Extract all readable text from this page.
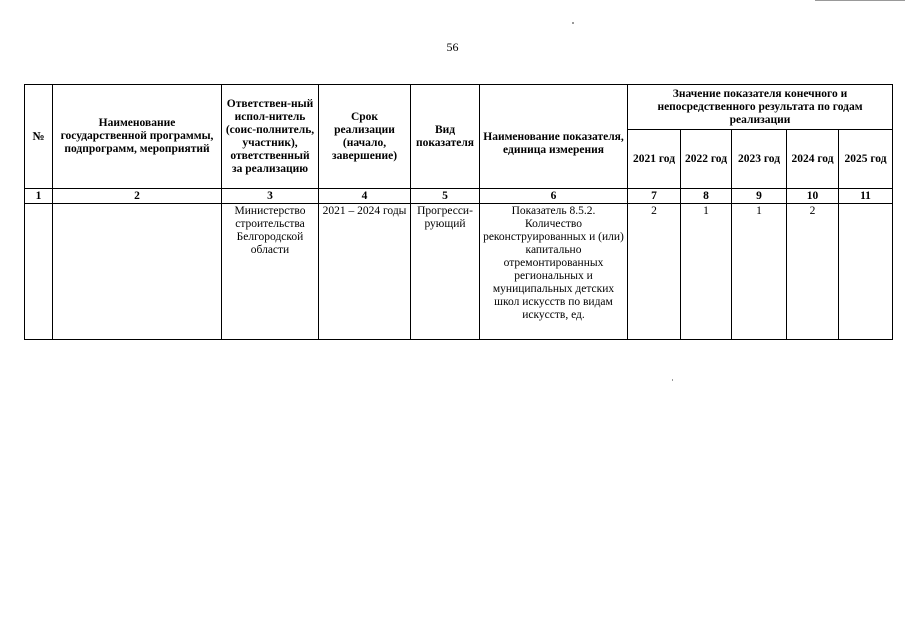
56
№	Наименование государственной программы, подпрограмм, мероприятий	Ответствен-ный испол-нитель (соис-полнитель, участник), ответственный за реализацию	Срок реализации (начало, завершение)	Вид показателя	Наименование показателя, единица измерения	Значение показателя конечного и непосредственного результата по годам реализации				
						2021 год	2022 год	2023 год	2024 год	2025 год
1	2	3	4	5	6	7	8	9	10	11
		Министерство строительства Белгородской области	2021 – 2024 годы	Прогресси-рующий	Показатель 8.5.2. Количество реконструированных и (или) капитально отремонтированных региональных и муниципальных детских школ искусств по видам искусств, ед.	2	1	1	2	
